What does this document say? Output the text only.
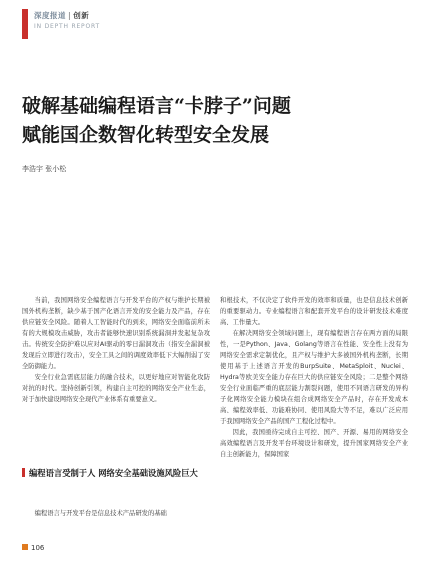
深度报道 | 创新
IN DEPTH REPORT
破解基础编程语言“卡脖子”问题
赋能国企数智化转型安全发展
李浩宇 张小松

当前，我国网络安全编程语言与开发平台的产权与维护长期被国外机构垄断，缺少基于国产化语言开发的安全能力及产品，存在供应链安全风险。随着人工智能时代的到来，网络安全面临前所未有的大规模攻击威胁，攻击者能够快速识别系统漏洞并发起复杂攻击。传统安全防护难以应对AI驱动的零日漏洞攻击（指安全漏洞被发现后立即进行攻击），安全工具之间的调度效率低下大幅削弱了安全防御能力。

安全行业急需底层能力的融合技术，以更好地应对智能化攻防对抗的时代。坚持创新引领，构建自主可控的网络安全产业生态，对于加快建设网络安全现代产业体系有重要意义。

编程语言受制于人 网络安全基础设施风险巨大

编程语言与开发平台是信息技术产品研发的基础

和根技术，不仅决定了软件开发的效率和质量，也是信息技术创新的重要驱动力。专业编程语言和配套开发平台的设计研发技术难度高、工作量大。

在解决网络安全领域问题上，现有编程语言存在两方面的局限性，一是Python、Java、Golang等语言在性能、安全性上没有为网络安全需求定制优化，且产权与维护大多被国外机构垄断，长期使用基于上述语言开发的BurpSuite、MetaSploit、Nuclei、Hydra等欧美安全能力存在巨大的供应链安全风险；二是整个网络安全行业面临严重的底层能力割裂问题，使用不同语言研发的异构子化网络安全能力模块在组合成网络安全产品时，存在开发成本高、编程效率低、功能难协同、使用风险大等不足，难以广泛应用于我国网络安全产品的国产工程化过程中。

因此，我国亟待完成自主可控、国产、开源、易用的网络安全高效编程语言及开发平台环境设计和研发，提升国家网络安全产业自主创新能力，保障国家

106
